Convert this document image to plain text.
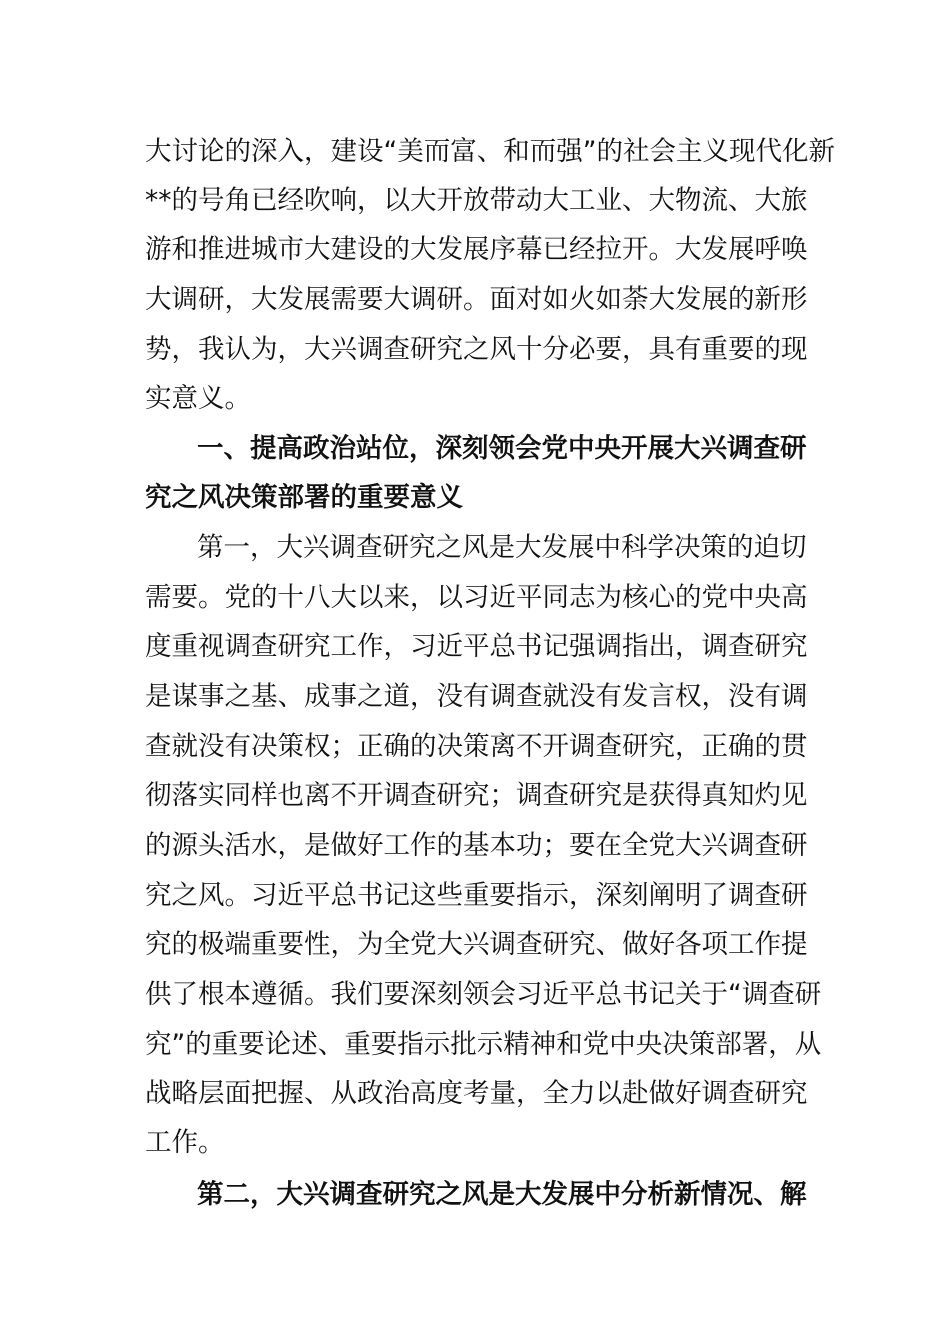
大讨论的深入，建设“美而富、和而强”的社会主义现代化新
**的号角已经吹响，以大开放带动大工业、大物流、大旅
游和推进城市大建设的大发展序幕已经拉开。大发展呼唤
大调研，大发展需要大调研。面对如火如荼大发展的新形
势，我认为，大兴调查研究之风十分必要，具有重要的现
实意义。
一、提高政治站位，深刻领会党中央开展大兴调查研
究之风决策部署的重要意义
第一，大兴调查研究之风是大发展中科学决策的迫切
需要。党的十八大以来，以习近平同志为核心的党中央高
度重视调查研究工作，习近平总书记强调指出，调查研究
是谋事之基、成事之道，没有调查就没有发言权，没有调
查就没有决策权；正确的决策离不开调查研究，正确的贯
彻落实同样也离不开调查研究；调查研究是获得真知灼见
的源头活水，是做好工作的基本功；要在全党大兴调查研
究之风。习近平总书记这些重要指示，深刻阐明了调查研
究的极端重要性，为全党大兴调查研究、做好各项工作提
供了根本遵循。我们要深刻领会习近平总书记关于“调查研
究”的重要论述、重要指示批示精神和党中央决策部署，从
战略层面把握、从政治高度考量，全力以赴做好调查研究
工作。
第二，大兴调查研究之风是大发展中分析新情况、解
